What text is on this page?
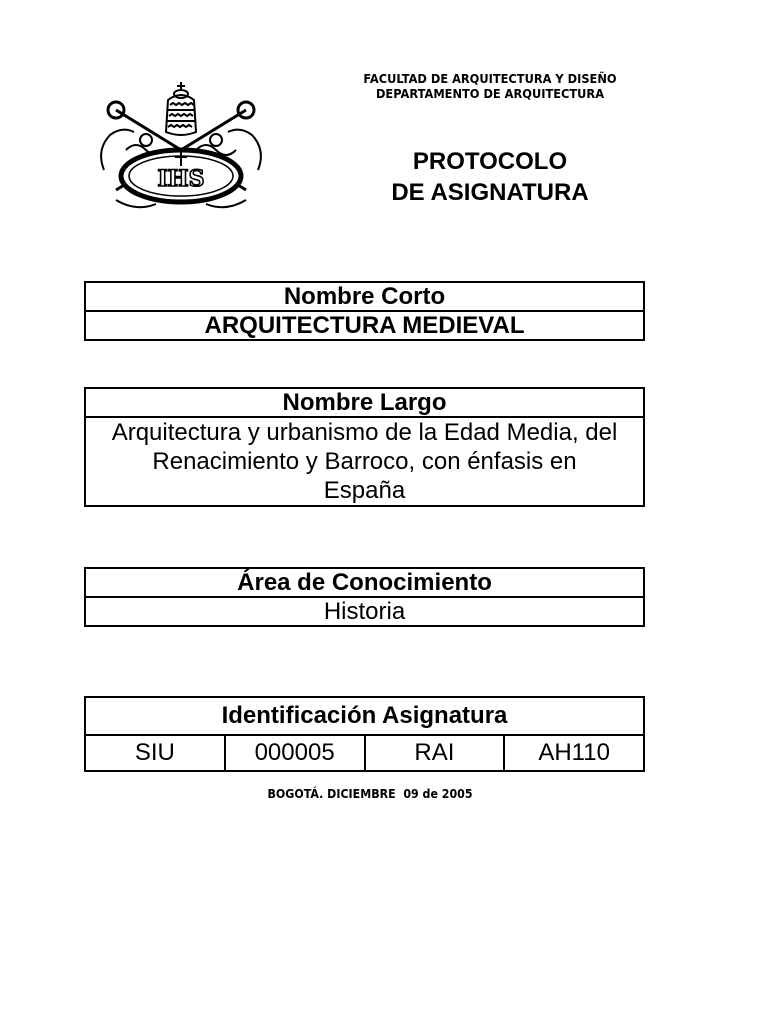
IHS
FACULTAD DE ARQUITECTURA Y DISEÑO
DEPARTAMENTO DE ARQUITECTURA
PROTOCOLO
DE ASIGNATURA
Nombre Corto
ARQUITECTURA MEDIEVAL
Nombre Largo

Arquitectura y urbanismo de la Edad Media, del
Renacimiento y Barroco, con énfasis en
España
Área de Conocimiento
Historia
Identificación Asignatura
SIU	000005	RAI	AH110
BOGOTÁ. DICIEMBRE  09 de 2005
